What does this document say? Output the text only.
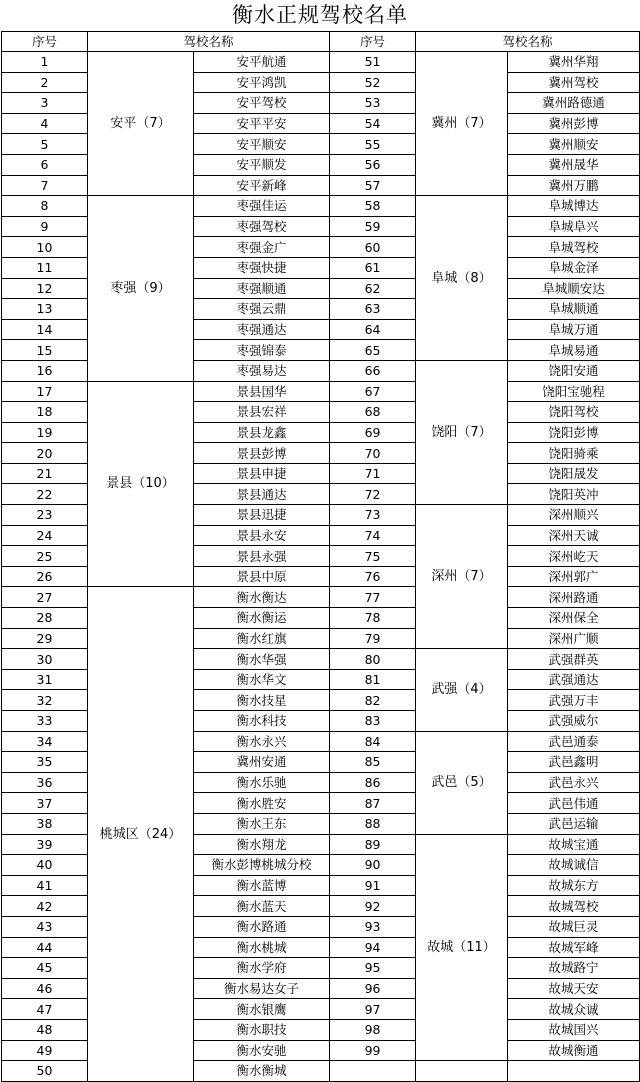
衡水正规驾校名单
序号	驾校名称		序号	驾校名称	
1	安平（7）	安平航通	51	冀州（7）	冀州华翔
2		安平鸿凯	52		冀州驾校
3		安平驾校	53		冀州路德通
4		安平平安	54		冀州彭博
5		安平顺安	55		冀州顺安
6		安平顺发	56		冀州晟华
7		安平新峰	57		冀州万鹏
8	枣强（9）	枣强佳运	58	阜城（8）	阜城博达
9		枣强驾校	59		阜城阜兴
10		枣强金广	60		阜城驾校
11		枣强快捷	61		阜城金泽
12		枣强顺通	62		阜城顺安达
13		枣强云鼎	63		阜城顺通
14		枣强通达	64		阜城万通
15		枣强锦泰	65		阜城易通
16		枣强易达	66	饶阳（7）	饶阳安通
17	景县（10）	景县国华	67		饶阳宝驰程
18		景县宏祥	68		饶阳驾校
19		景县龙鑫	69		饶阳彭博
20		景县彭博	70		饶阳骑乘
21		景县申捷	71		饶阳晟发
22		景县通达	72		饶阳英冲
23		景县迅捷	73	深州（7）	深州顺兴
24		景县永安	74		深州天诚
25		景县永强	75		深州屹天
26		景县中原	76		深州郭广
27	桃城区（24）	衡水衡达	77		深州路通
28		衡水衡运	78		深州保全
29		衡水红旗	79		深州广顺
30		衡水华强	80	武强（4）	武强群英
31		衡水华文	81		武强通达
32		衡水技星	82		武强万丰
33		衡水科技	83		武强威尔
34		衡水永兴	84	武邑（5）	武邑通泰
35		冀州安通	85		武邑鑫明
36		衡水乐驰	86		武邑永兴
37		衡水胜安	87		武邑伟通
38		衡水王东	88		武邑运输
39		衡水翔龙	89	故城（11）	故城宝通
40		衡水彭博桃城分校	90		故城诚信
41		衡水蓝博	91		故城东方
42		衡水蓝天	92		故城驾校
43		衡水路通	93		故城巨灵
44		衡水桃城	94		故城军峰
45		衡水学府	95		故城路宁
46		衡水易达女子	96		故城天安
47		衡水银鹰	97		故城众诚
48		衡水职技	98		故城国兴
49		衡水安驰	99		故城衡通
50		衡水衡城			
